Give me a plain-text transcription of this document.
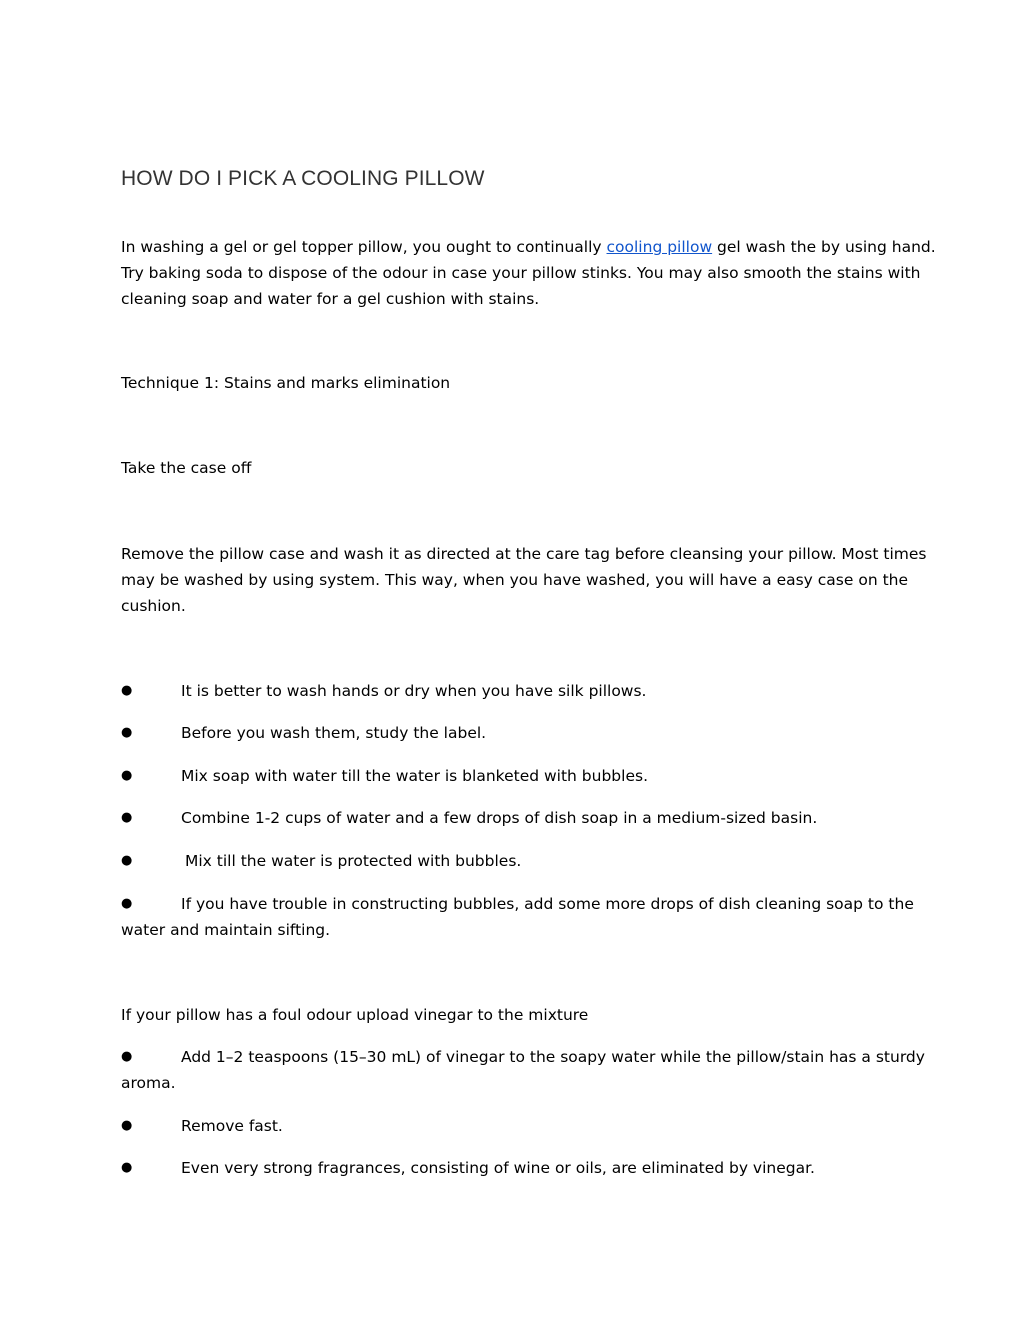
HOW DO I PICK A COOLING PILLOW

In washing a gel or gel topper pillow, you ought to continually cooling pillow gel wash the by using hand.
Try baking soda to dispose of the odour in case your pillow stinks. You may also smooth the stains with
cleaning soap and water for a gel cushion with stains.

Technique 1: Stains and marks elimination

Take the case off

Remove the pillow case and wash it as directed at the care tag before cleansing your pillow. Most times
may be washed by using system. This way, when you have washed, you will have a easy case on the
cushion.

●	It is better to wash hands or dry when you have silk pillows.
●	Before you wash them, study the label.
●	Mix soap with water till the water is blanketed with bubbles.
●	Combine 1-2 cups of water and a few drops of dish soap in a medium-sized basin.
●	Mix till the water is protected with bubbles.
●	If you have trouble in constructing bubbles, add some more drops of dish cleaning soap to the
water and maintain sifting.

If your pillow has a foul odour upload vinegar to the mixture

●	Add 1–2 teaspoons (15–30 mL) of vinegar to the soapy water while the pillow/stain has a sturdy
aroma.
●	Remove fast.
●	Even very strong fragrances, consisting of wine or oils, are eliminated by vinegar.
